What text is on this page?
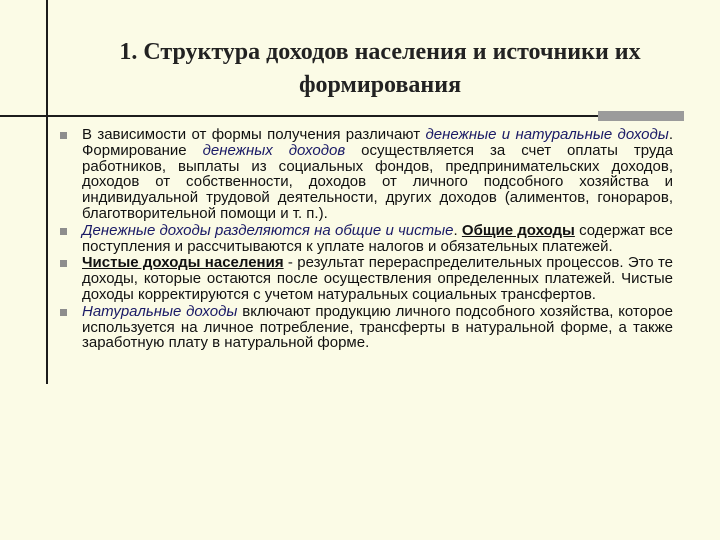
1. Структура доходов населения и источники их формирования
В зависимости от формы получения различают денежные и натуральные доходы. Формирование денежных доходов осуществляется за счет оплаты труда работников, выплаты из социальных фондов, предпринимательских доходов, доходов от собственности, доходов от личного подсобного хозяйства и индивидуальной трудовой деятельности, других доходов (алиментов, гонораров, благотворительной помощи и т. п.).
Денежные доходы разделяются на общие и чистые. Общие доходы содержат все поступления и рассчитываются к уплате налогов и обязательных платежей.
Чистые доходы населения - результат перераспределительных процессов. Это те доходы, которые остаются после осуществления определенных платежей. Чистые доходы корректируются с учетом натуральных социальных трансфертов.
Натуральные доходы включают продукцию личного подсобного хозяйства, которое используется на личное потребление, трансферты в натуральной форме, а также заработную плату в натуральной форме.
